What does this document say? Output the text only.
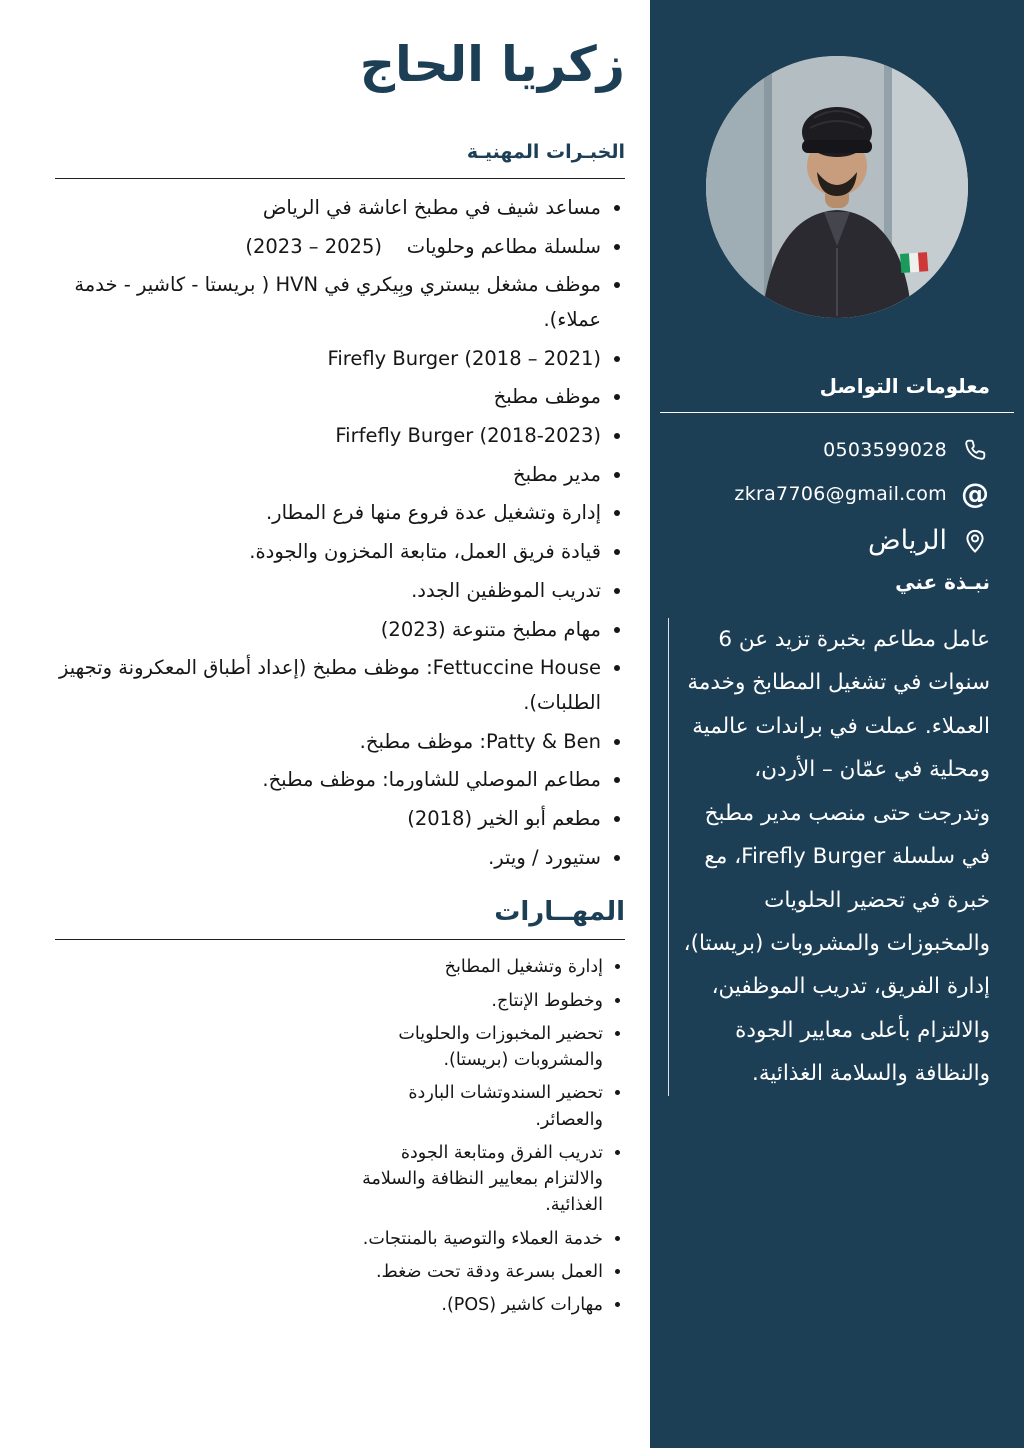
زكريا الحاج
الخبـرات المهنيـة
• مساعد شيف في مطبخ اعاشة في الرياض
• سلسلة مطاعم وحلويات    (‎2023 – 2025)
• موظف مشغل بيستري وبِيكري في HVN ( بريستا - كاشير - خدمة عملاء).
• Firefly Burger (2018 – 2021)
• موظف مطبخ
• Firfefly Burger (2018-2023)
• مدير مطبخ
• إدارة وتشغيل عدة فروع منها فرع المطار.
• قيادة فريق العمل، متابعة المخزون والجودة.
• تدريب الموظفين الجدد.
• مهام مطبخ متنوعة (2023)
• Fettuccine House: موظف مطبخ (إعداد أطباق المعكرونة وتجهيز الطلبات).
• Patty & Ben: موظف مطبخ.
• مطاعم الموصلي للشاورما: موظف مطبخ.
• مطعم أبو الخير (2018)
• ستيورد / ويتر.
المهــارات
• إدارة وتشغيل المطابخ
• وخطوط الإنتاج.
• تحضير المخبوزات والحلويات والمشروبات (بريستا).
• تحضير السندوتشات الباردة والعصائر.
• تدريب الفرق ومتابعة الجودة والالتزام بمعايير النظافة والسلامة الغذائية.
• خدمة العملاء والتوصية بالمنتجات.
• العمل بسرعة ودقة تحت ضغط.
• مهارات كاشير (POS).
معلومات التواصل
0503599028
@
zkra7706@gmail.com
الرياض
نبـذة عني

عامل مطاعم بخبرة تزيد عن 6 سنوات في تشغيل المطابخ وخدمة العملاء. عملت في براندات عالمية ومحلية في عمّان – الأردن، وتدرجت حتى منصب مدير مطبخ في سلسلة Firefly Burger، مع خبرة في تحضير الحلويات والمخبوزات والمشروبات (بريستا)، إدارة الفريق، تدريب الموظفين، والالتزام بأعلى معايير الجودة والنظافة والسلامة الغذائية.
